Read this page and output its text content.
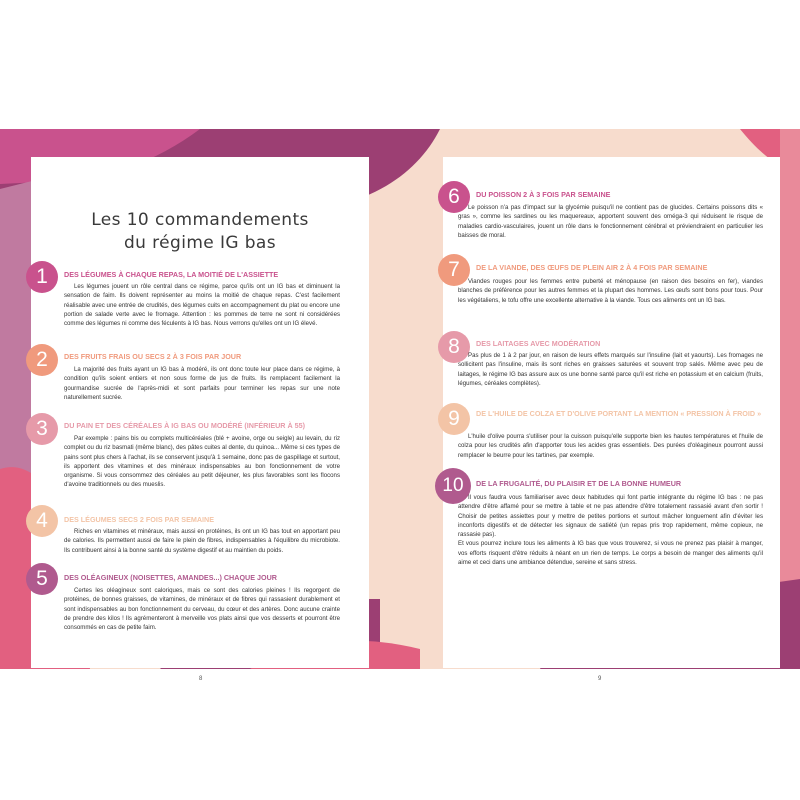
Les 10 commandements
du régime IG bas
1	DES LÉGUMES À CHAQUE REPAS, LA MOITIÉ DE L'ASSIETTE

Les légumes jouent un rôle central dans ce régime, parce qu'ils ont un IG bas et diminuent la sensation de faim. Ils doivent représenter au moins la moitié de chaque repas. C'est facilement réalisable avec une entrée de crudités, des légumes cuits en accompagnement du plat ou encore une portion de salade verte avec le fromage. Attention : les pommes de terre ne sont ni considérées comme des légumes ni comme des féculents à IG bas. Nous verrons qu'elles ont un IG élevé.

2	DES FRUITS FRAIS OU SECS 2 À 3 FOIS PAR JOUR

La majorité des fruits ayant un IG bas à modéré, ils ont donc toute leur place dans ce régime, à condition qu'ils soient entiers et non sous forme de jus de fruits. Ils remplacent facilement la gourmandise sucrée de l'après-midi et sont parfaits pour terminer les repas sur une note naturellement sucrée.

3	DU PAIN ET DES CÉRÉALES À IG BAS OU MODÉRÉ (INFÉRIEUR À 55)

Par exemple : pains bis ou complets multicéréales (blé + avoine, orge ou seigle) au levain, du riz complet ou du riz basmati (même blanc), des pâtes cuites al dente, du quinoa... Même si ces types de pains sont plus chers à l'achat, ils se conservent jusqu'à 1 semaine, donc pas de gaspillage et surtout, ils apportent des vitamines et des minéraux indispensables au bon fonctionnement de votre organisme. Si vous consommez des céréales au petit déjeuner, les plus favorables sont les flocons d'avoine traditionnels ou des mueslis.

4	DES LÉGUMES SECS 2 FOIS PAR SEMAINE

Riches en vitamines et minéraux, mais aussi en protéines, ils ont un IG bas tout en apportant peu de calories. Ils permettent aussi de faire le plein de fibres, indispensables à l'équilibre du microbiote. Ils contribuent ainsi à la bonne santé du système digestif et au maintien du poids.

5	DES OLÉAGINEUX (NOISETTES, AMANDES...) CHAQUE JOUR

Certes les oléagineux sont caloriques, mais ce sont des calories pleines ! Ils regorgent de protéines, de bonnes graisses, de vitamines, de minéraux et de fibres qui rassasient durablement et sont indispensables au bon fonctionnement du cerveau, du cœur et des artères. Donc aucune crainte de prendre des kilos ! Ils agrémenteront à merveille vos plats ainsi que vos desserts et pourront être consommés en cas de petite faim.

8
6	DU POISSON 2 À 3 FOIS PAR SEMAINE

Le poisson n'a pas d'impact sur la glycémie puisqu'il ne contient pas de glucides. Certains poissons dits « gras », comme les sardines ou les maquereaux, apportent souvent des oméga-3 qui réduisent le risque de maladies cardio-vasculaires, jouent un rôle dans le fonctionnement cérébral et préviendraient en particulier les baisses de moral.

7	DE LA VIANDE, DES ŒUFS DE PLEIN AIR 2 À 4 FOIS PAR SEMAINE

Viandes rouges pour les femmes entre puberté et ménopause (en raison des besoins en fer), viandes blanches de préférence pour les autres femmes et la plupart des hommes. Les œufs sont bons pour tous. Pour les végétaliens, le tofu offre une excellente alternative à la viande. Tous ces aliments ont un IG bas.

8	DES LAITAGES AVEC MODÉRATION

Pas plus de 1 à 2 par jour, en raison de leurs effets marqués sur l'insuline (lait et yaourts). Les fromages ne sollicitent pas l'insuline, mais ils sont riches en graisses saturées et souvent trop salés. Même avec peu de laitages, le régime IG bas assure aux os une bonne santé parce qu'il est riche en potassium et en calcium (fruits, légumes, céréales complètes).

9	DE L'HUILE DE COLZA ET D'OLIVE PORTANT LA MENTION « PRESSION À FROID »

L'huile d'olive pourra s'utiliser pour la cuisson puisqu'elle supporte bien les hautes températures et l'huile de colza pour les crudités afin d'apporter tous les acides gras essentiels. Des purées d'oléagineux pourront aussi remplacer le beurre pour les tartines, par exemple.

10	DE LA FRUGALITÉ, DU PLAISIR ET DE LA BONNE HUMEUR

Il vous faudra vous familiariser avec deux habitudes qui font partie intégrante du régime IG bas : ne pas attendre d'être affamé pour se mettre à table et ne pas attendre d'être totalement rassasié avant d'en sortir ! Choisir de petites assiettes pour y mettre de petites portions et surtout mâcher longuement afin d'éviter les inconforts digestifs et de détecter les signaux de satiété (un repas pris trop rapidement, même copieux, ne rassasie pas).
Et vous pourrez inclure tous les aliments à IG bas que vous trouverez, si vous ne prenez pas plaisir à manger, vos efforts risquent d'être réduits à néant en un rien de temps. Le corps a besoin de manger des aliments qu'il aime et ceci dans une ambiance détendue, sereine et sans stress.

9
